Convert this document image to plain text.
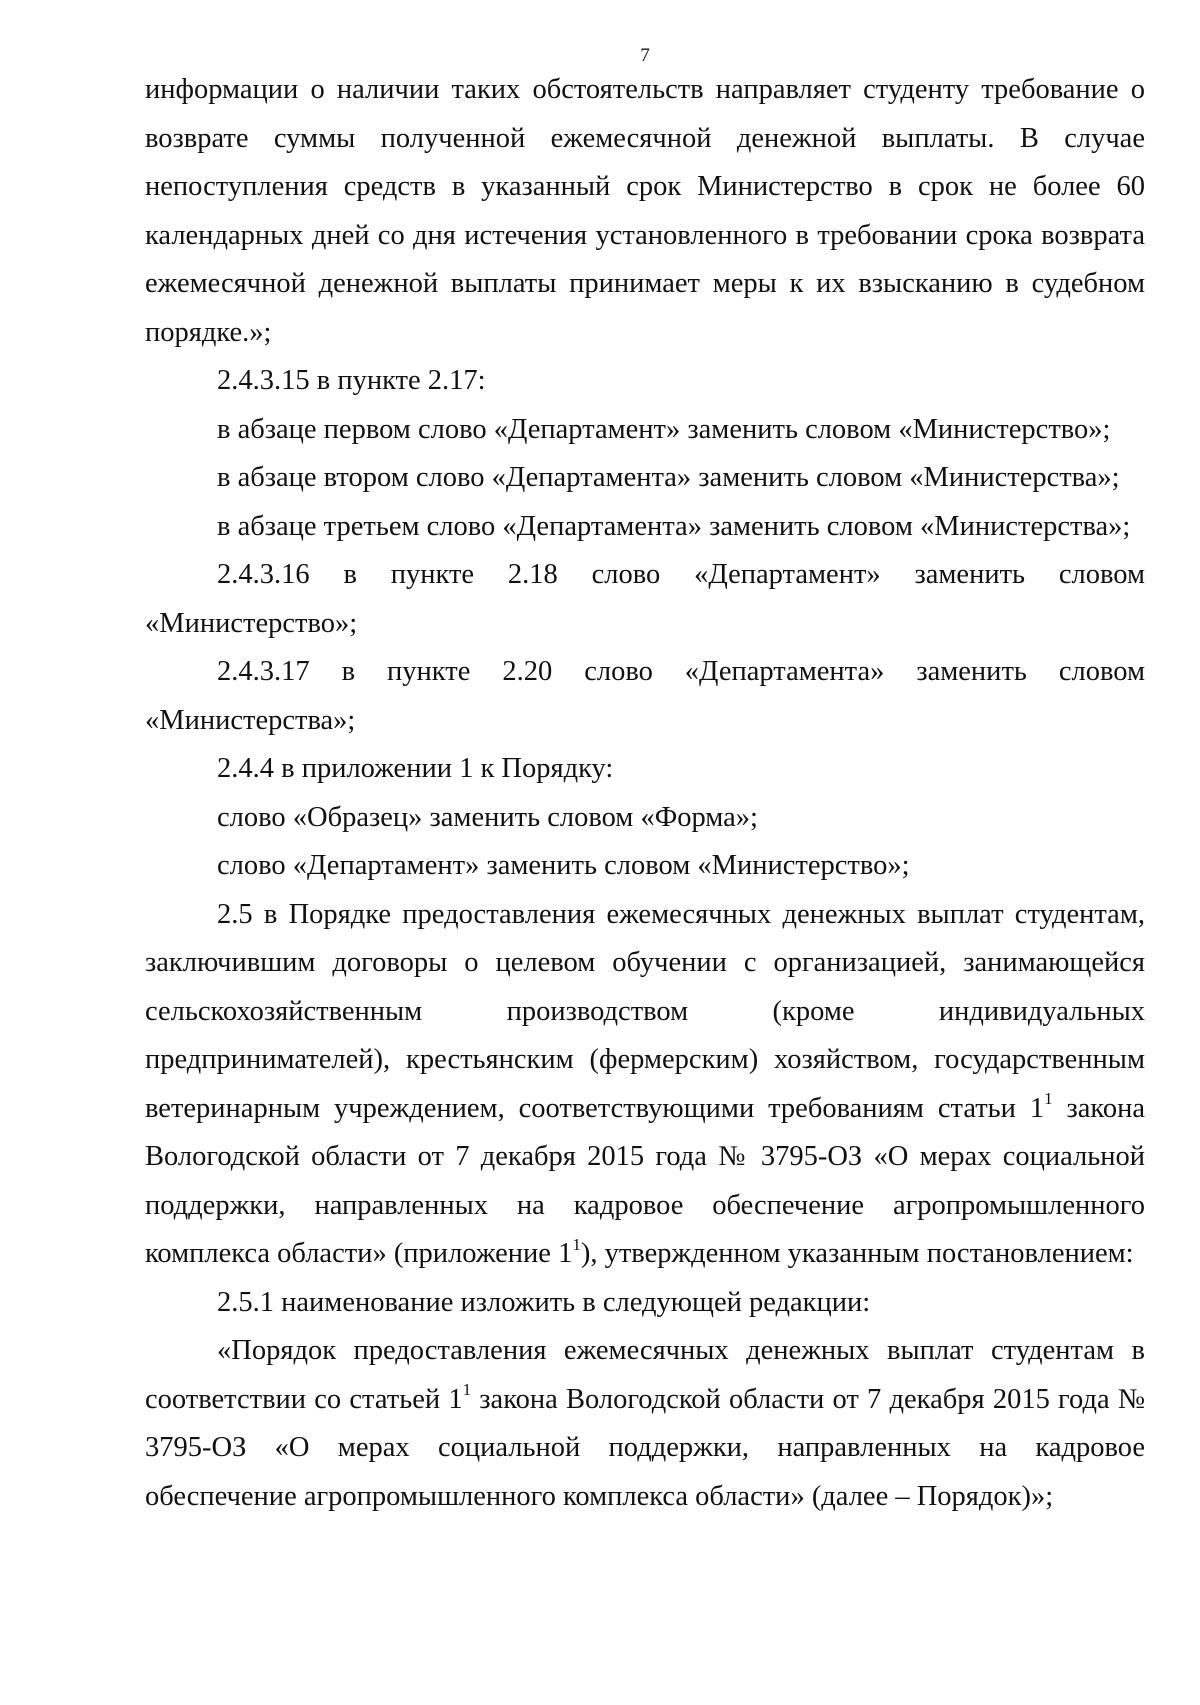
7

информации о наличии таких обстоятельств направляет студенту требование о возврате суммы полученной ежемесячной денежной выплаты. В случае непоступления средств в указанный срок Министерство в срок не более 60 календарных дней со дня истечения установленного в требовании срока возврата ежемесячной денежной выплаты принимает меры к их взысканию в судебном порядке.»;

2.4.3.15 в пункте 2.17:

в абзаце первом слово «Департамент» заменить словом «Министерство»;

в абзаце втором слово «Департамента» заменить словом «Министерства»;

в абзаце третьем слово «Департамента» заменить словом «Министерства»;

2.4.3.16 в пункте 2.18 слово «Департамент» заменить словом «Министерство»;

2.4.3.17 в пункте 2.20 слово «Департамента» заменить словом «Министерства»;

2.4.4 в приложении 1 к Порядку:

слово «Образец» заменить словом «Форма»;

слово «Департамент» заменить словом «Министерство»;

2.5 в Порядке предоставления ежемесячных денежных выплат студентам, заключившим договоры о целевом обучении с организацией, занимающейся сельскохозяйственным производством (кроме индивидуальных предпринимателей), крестьянским (фермерским) хозяйством, государственным ветеринарным учреждением, соответствующими требованиям статьи $1^1$ закона Вологодской области от 7 декабря 2015 года № 3795-ОЗ «О мерах социальной поддержки, направленных на кадровое обеспечение агропромышленного комплекса области» (приложение $1^1$), утвержденном указанным постановлением:

2.5.1 наименование изложить в следующей редакции:

«Порядок предоставления ежемесячных денежных выплат студентам в соответствии со статьей $1^1$ закона Вологодской области от 7 декабря 2015 года № 3795-ОЗ «О мерах социальной поддержки, направленных на кадровое обеспечение агропромышленного комплекса области» (далее – Порядок)»;
